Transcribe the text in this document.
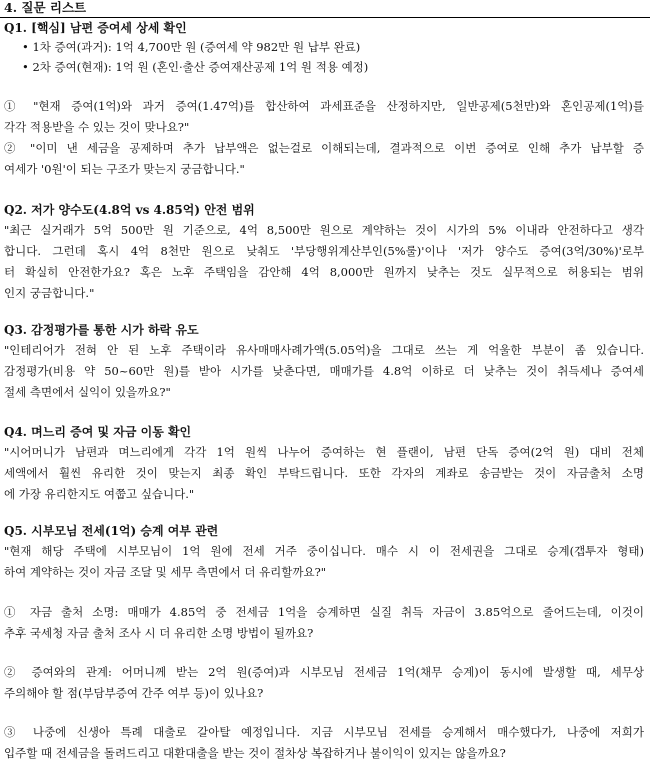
4. 질문 리스트
Q1. [핵심] 남편 증여세 상세 확인
• 1차 증여(과거): 1억 4,700만 원 (증여세 약 982만 원 납부 완료)
• 2차 증여(현재): 1억 원 (혼인·출산 증여재산공제 1억 원 적용 예정)
① "현재 증여(1억)와 과거 증여(1.47억)를 합산하여 과세표준을 산정하지만, 일반공제(5천만)와 혼인공제(1억)를
각각 적용받을 수 있는 것이 맞나요?"
② "이미 낸 세금을 공제하며 추가 납부액은 없는걸로 이해되는데, 결과적으로 이번 증여로 인해 추가 납부할 증
여세가 '0원'이 되는 구조가 맞는지 궁금합니다."
Q2. 저가 양수도(4.8억 vs 4.85억) 안전 범위
"최근 실거래가 5억 500만 원 기준으로, 4억 8,500만 원으로 계약하는 것이 시가의 5% 이내라 안전하다고 생각
합니다. 그런데 혹시 4억 8천만 원으로 낮춰도 '부당행위계산부인(5%룰)'이나 '저가 양수도 증여(3억/30%)'로부
터 확실히 안전한가요? 혹은 노후 주택임을 감안해 4억 8,000만 원까지 낮추는 것도 실무적으로 허용되는 범위
인지 궁금합니다."
Q3. 감정평가를 통한 시가 하락 유도
"인테리어가 전혀 안 된 노후 주택이라 유사매매사례가액(5.05억)을 그대로 쓰는 게 억울한 부분이 좀 있습니다.
감정평가(비용 약 50~60만 원)를 받아 시가를 낮춘다면, 매매가를 4.8억 이하로 더 낮추는 것이 취득세나 증여세
절세 측면에서 실익이 있을까요?"
Q4. 며느리 증여 및 자금 이동 확인
"시어머니가 남편과 며느리에게 각각 1억 원씩 나누어 증여하는 현 플랜이, 남편 단독 증여(2억 원) 대비 전체
세액에서 훨씬 유리한 것이 맞는지 최종 확인 부탁드립니다. 또한 각자의 계좌로 송금받는 것이 자금출처 소명
에 가장 유리한지도 여쭙고 싶습니다."
Q5. 시부모님 전세(1억) 승계 여부 관련
"현재 해당 주택에 시부모님이 1억 원에 전세 거주 중이십니다. 매수 시 이 전세권을 그대로 승계(갭투자 형태)
하여 계약하는 것이 자금 조달 및 세무 측면에서 더 유리할까요?"
① 자금 출처 소명: 매매가 4.85억 중 전세금 1억을 승계하면 실질 취득 자금이 3.85억으로 줄어드는데, 이것이
추후 국세청 자금 출처 조사 시 더 유리한 소명 방법이 될까요?
② 증여와의 관계: 어머니께 받는 2억 원(증여)과 시부모님 전세금 1억(채무 승계)이 동시에 발생할 때, 세무상
주의해야 할 점(부담부증여 간주 여부 등)이 있나요?
③ 나중에 신생아 특례 대출로 갈아탈 예정입니다. 지금 시부모님 전세를 승계해서 매수했다가, 나중에 저희가
입주할 때 전세금을 돌려드리고 대환대출을 받는 것이 절차상 복잡하거나 불이익이 있지는 않을까요?
